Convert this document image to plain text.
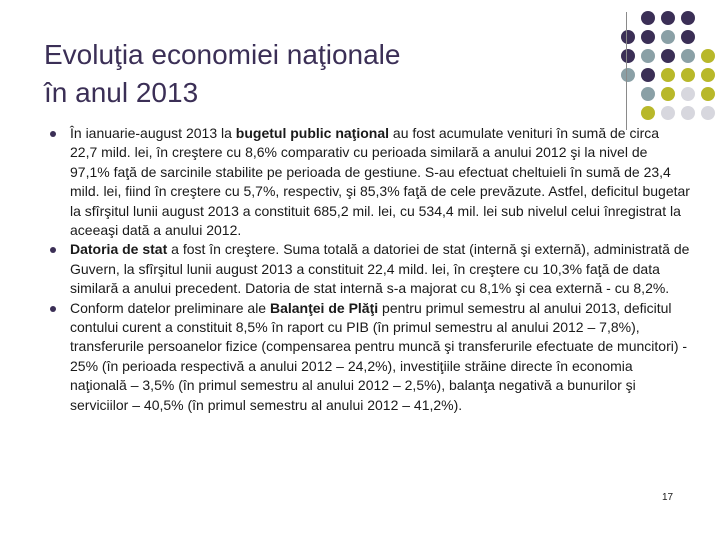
Evoluţia economiei naţionale
în anul 2013

În ianuarie-august 2013 la bugetul public naţional au fost acumulate venituri în sumă de circa 22,7 mild. lei, în creştere cu 8,6% comparativ cu perioada similară a anului 2012 şi la nivel de 97,1% faţă de sarcinile stabilite pe perioada de gestiune. S-au efectuat cheltuieli în sumă de 23,4 mild. lei, fiind în creştere cu 5,7%, respectiv, şi 85,3% faţă de cele prevăzute. Astfel, deficitul bugetar la sfîrşitul lunii august 2013 a constituit 685,2 mil. lei, cu 534,4 mil. lei sub nivelul celui înregistrat la aceeaşi dată a anului 2012.

Datoria de stat a fost în creştere. Suma totală a datoriei de stat (internă şi externă), administrată de Guvern, la sfîrşitul lunii august 2013 a constituit 22,4 mild. lei, în creştere cu 10,3% faţă de data similară a anului precedent. Datoria de stat internă s-a majorat cu 8,1% şi cea externă - cu 8,2%.

Conform datelor preliminare ale Balanţei de Plăţi pentru primul semestru al anului 2013, deficitul contului curent a constituit 8,5% în raport cu PIB (în primul semestru al anului 2012 – 7,8%), transferurile persoanelor fizice (compensarea pentru muncă şi transferurile efectuate de muncitori) - 25% (în perioada respectivă a anului 2012 – 24,2%), investiţiile străine directe în economia naţională – 3,5% (în primul semestru al anului 2012 – 2,5%), balanţa negativă a bunurilor şi serviciilor – 40,5% (în primul semestru al anului 2012 – 41,2%).

17
